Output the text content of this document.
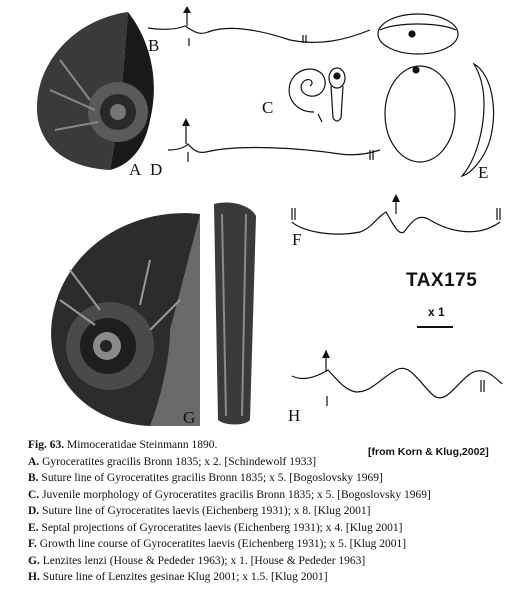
A
B
C
D	E
F
G	H
TAX175
x 1
[from Korn & Klug,2002]
Fig. 63. Mimoceratidae Steinmann 1890.
A. Gyroceratites gracilis Bronn 1835; x 2. [Schindewolf 1933]
B. Suture line of Gyroceratites gracilis Bronn 1835; x 5. [Bogoslovsky 1969]
C. Juvenile morphology of Gyroceratites gracilis Bronn 1835; x 5. [Bogoslovsky 1969]
D. Suture line of Gyroceratites laevis (Eichenberg 1931); x 8. [Klug 2001]
E. Septal projections of Gyroceratites laevis (Eichenberg 1931); x 4. [Klug 2001]
F. Growth line course of Gyroceratites laevis (Eichenberg 1931); x 5. [Klug 2001]
G. Lenzites lenzi (House & Pededer 1963); x 1. [House & Pededer 1963]
H. Suture line of Lenzites gesinae Klug 2001; x 1.5. [Klug 2001]
